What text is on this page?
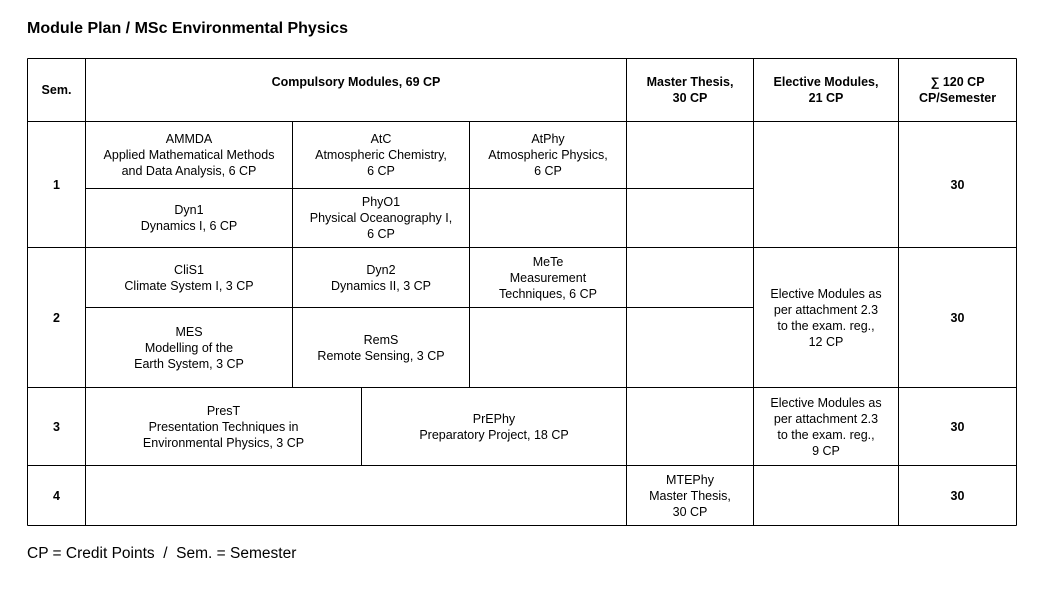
Module Plan / MSc Environmental Physics
Sem.
Compulsory Modules, 69 CP	Master Thesis,
30 CP
Elective Modules,
21 CP
∑ 120 CP
CP/Semester
1
AMMDA
Applied Mathematical Methods
and Data Analysis, 6 CP
AtC
Atmospheric Chemistry,
6 CP
AtPhy
Atmospheric Physics,
6 CP
Dyn1
Dynamics I, 6 CP
PhyO1
Physical Oceanography I,
6 CP
30
2
CliS1
Climate System I, 3 CP
Dyn2
Dynamics II, 3 CP
MeTe
Measurement
Techniques, 6 CP
MES
Modelling of the
Earth System, 3 CP
RemS
Remote Sensing, 3 CP
Elective Modules as
per attachment 2.3
to the exam. reg.,
12 CP
30
3
PresT
Presentation Techniques in
Environmental Physics, 3 CP
PrEPhy
Preparatory Project, 18 CP
Elective Modules as
per attachment 2.3
to the exam. reg.,
9 CP
30
4
MTEPhy
Master Thesis,
30 CP
30
CP = Credit Points  /  Sem. = Semester
